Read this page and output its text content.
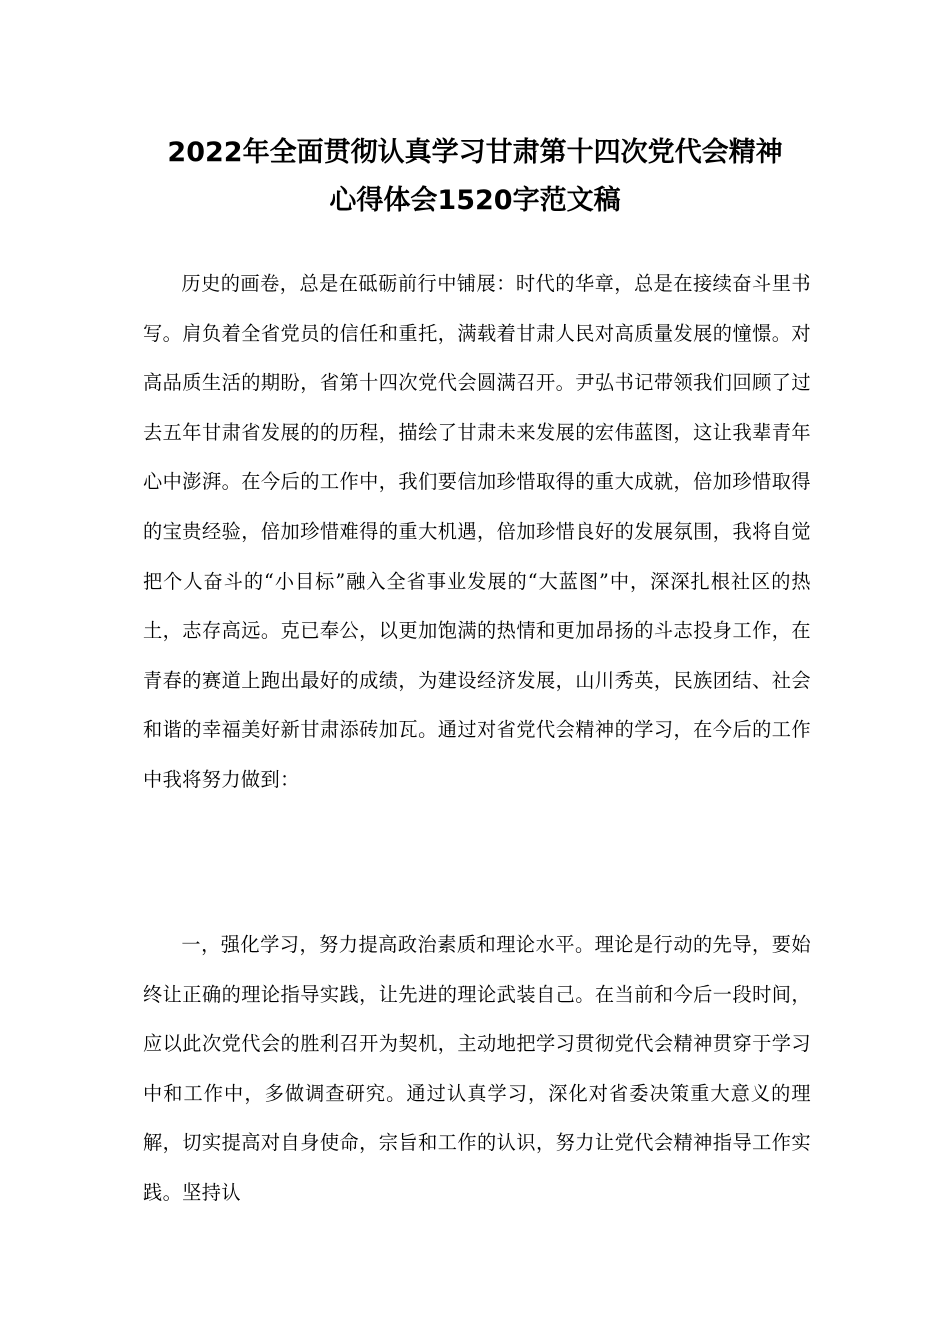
2022年全面贯彻认真学习甘肃第十四次党代会精神
心得体会1520字范文稿

历史的画卷，总是在砥砺前行中铺展：时代的华章，总是在接续奋斗里书写。肩负着全省党员的信任和重托，满载着甘肃人民对高质量发展的憧憬。对高品质生活的期盼，省第十四次党代会圆满召开。尹弘书记带领我们回顾了过去五年甘肃省发展的的历程，描绘了甘肃未来发展的宏伟蓝图，这让我辈青年心中澎湃。在今后的工作中，我们要信加珍惜取得的重大成就，倍加珍惜取得的宝贵经验，倍加珍惜难得的重大机遇，倍加珍惜良好的发展氛围，我将自觉把个人奋斗的“小目标”融入全省事业发展的“大蓝图”中，深深扎根社区的热土，志存高远。克已奉公，以更加饱满的热情和更加昂扬的斗志投身工作，在青春的赛道上跑出最好的成绩，为建设经济发展，山川秀英，民族团结、社会和谐的幸福美好新甘肃添砖加瓦。通过对省党代会精神的学习，在今后的工作中我将努力做到：

一，强化学习，努力提高政治素质和理论水平。理论是行动的先导，要始终让正确的理论指导实践，让先进的理论武装自己。在当前和今后一段时间，应以此次党代会的胜利召开为契机，主动地把学习贯彻党代会精神贯穿于学习中和工作中，多做调查研究。通过认真学习，深化对省委决策重大意义的理解，切实提高对自身使命，宗旨和工作的认识，努力让党代会精神指导工作实践。坚持认
